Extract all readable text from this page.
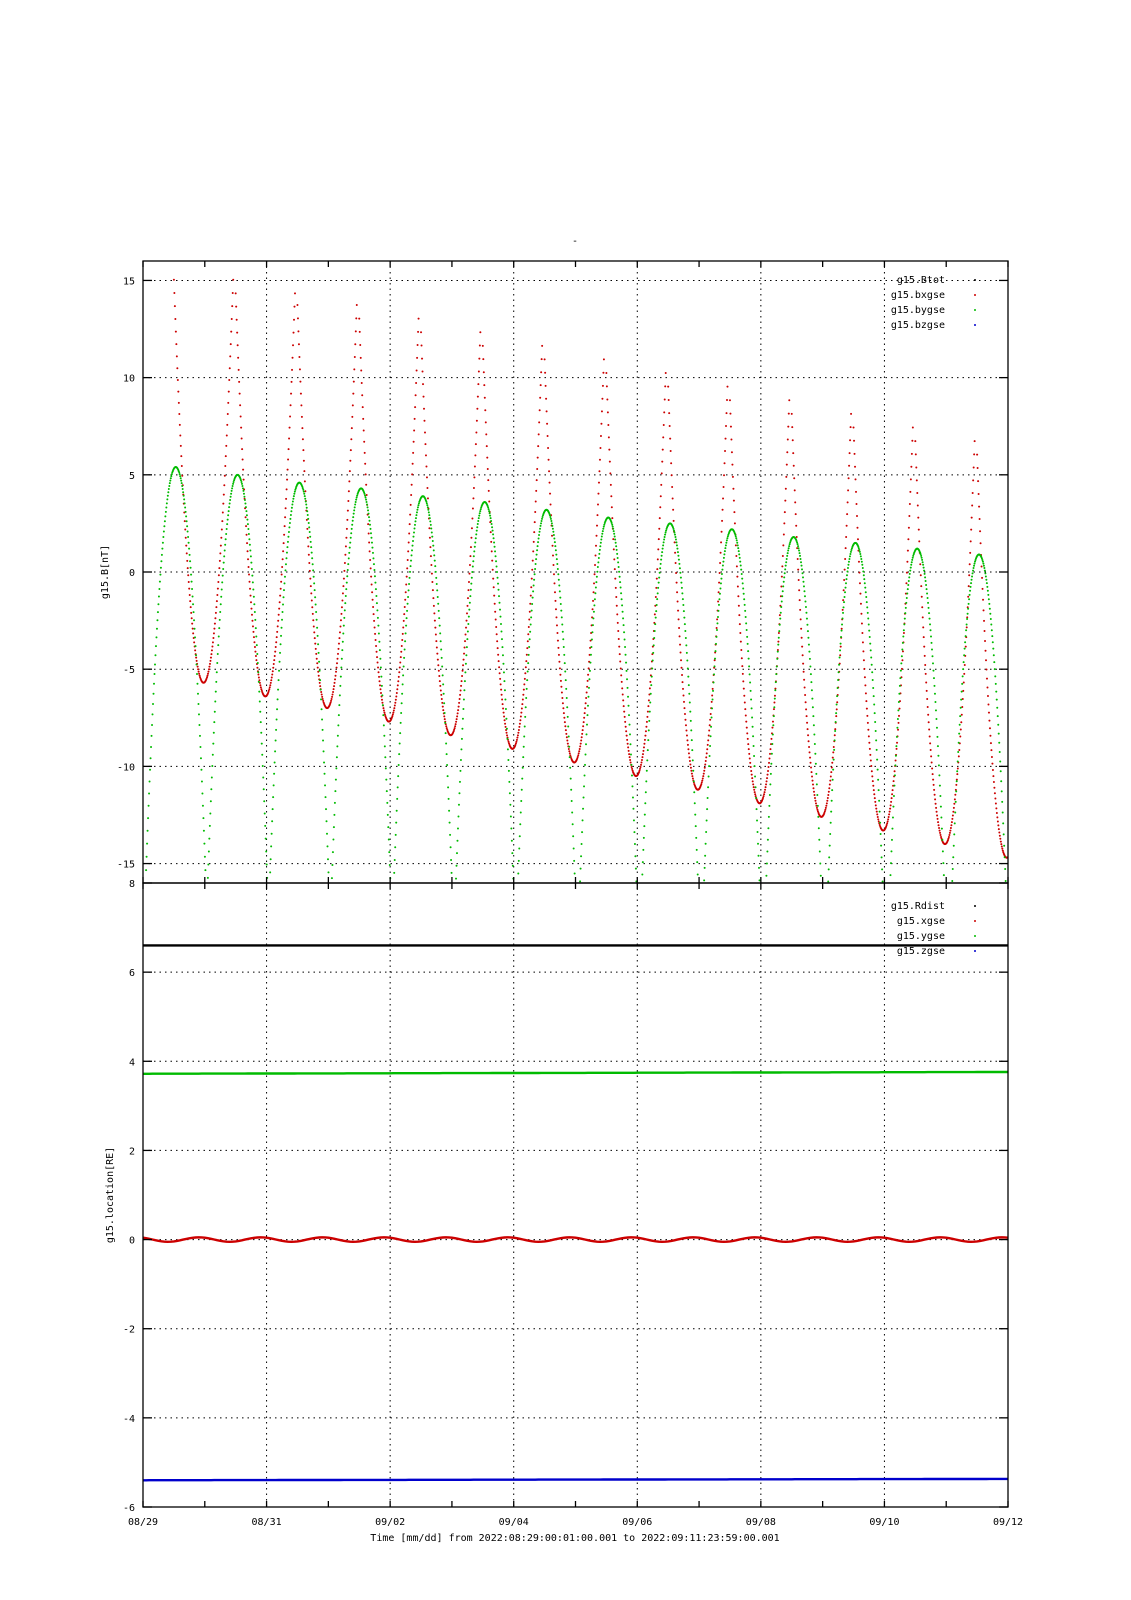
-
-15
-10
-5
0
5
10
15
g15.B[nT]
g15.Btot
g15.bxgse
g15.bygse
g15.bzgse
-6
-4
-2
0
2
4
6
8
g15.location[RE]
g15.Rdist
g15.xgse
g15.ygse
g15.zgse
08/29	08/31	09/02	09/04	09/06	09/08	09/10	09/12
Time [mm/dd] from 2022:08:29:00:01:00.001 to 2022:09:11:23:59:00.001
